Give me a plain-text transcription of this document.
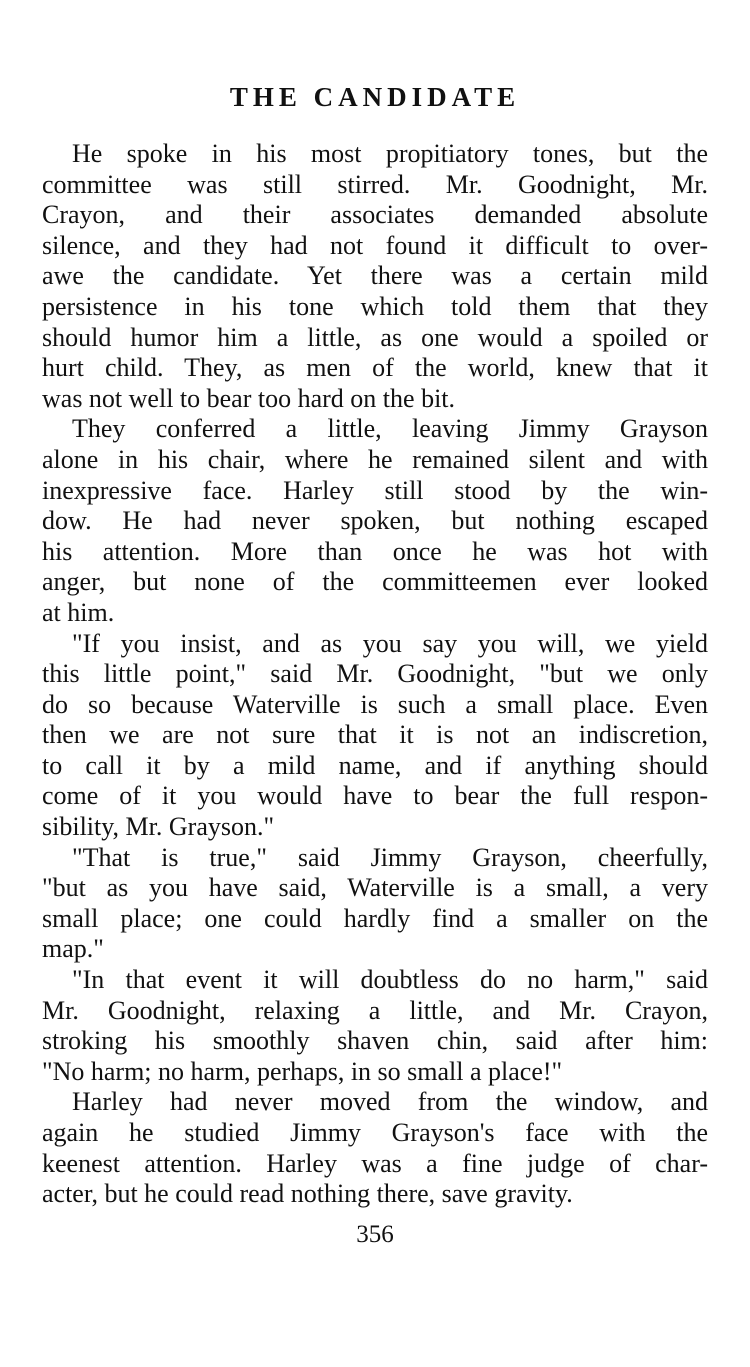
THE CANDIDATE
He spoke in his most propitiatory tones, but the
committee was still stirred. Mr. Goodnight, Mr.
Crayon, and their associates demanded absolute
silence, and they had not found it difficult to over-
awe the candidate. Yet there was a certain mild
persistence in his tone which told them that they
should humor him a little, as one would a spoiled or
hurt child. They, as men of the world, knew that it
was not well to bear too hard on the bit.
They conferred a little, leaving Jimmy Grayson
alone in his chair, where he remained silent and with
inexpressive face. Harley still stood by the win-
dow. He had never spoken, but nothing escaped
his attention. More than once he was hot with
anger, but none of the committeemen ever looked
at him.
"If you insist, and as you say you will, we yield
this little point," said Mr. Goodnight, "but we only
do so because Waterville is such a small place. Even
then we are not sure that it is not an indiscretion,
to call it by a mild name, and if anything should
come of it you would have to bear the full respon-
sibility, Mr. Grayson."
"That is true," said Jimmy Grayson, cheerfully,
"but as you have said, Waterville is a small, a very
small place; one could hardly find a smaller on the
map."
"In that event it will doubtless do no harm," said
Mr. Goodnight, relaxing a little, and Mr. Crayon,
stroking his smoothly shaven chin, said after him:
"No harm; no harm, perhaps, in so small a place!"
Harley had never moved from the window, and
again he studied Jimmy Grayson's face with the
keenest attention. Harley was a fine judge of char-
acter, but he could read nothing there, save gravity.
356
